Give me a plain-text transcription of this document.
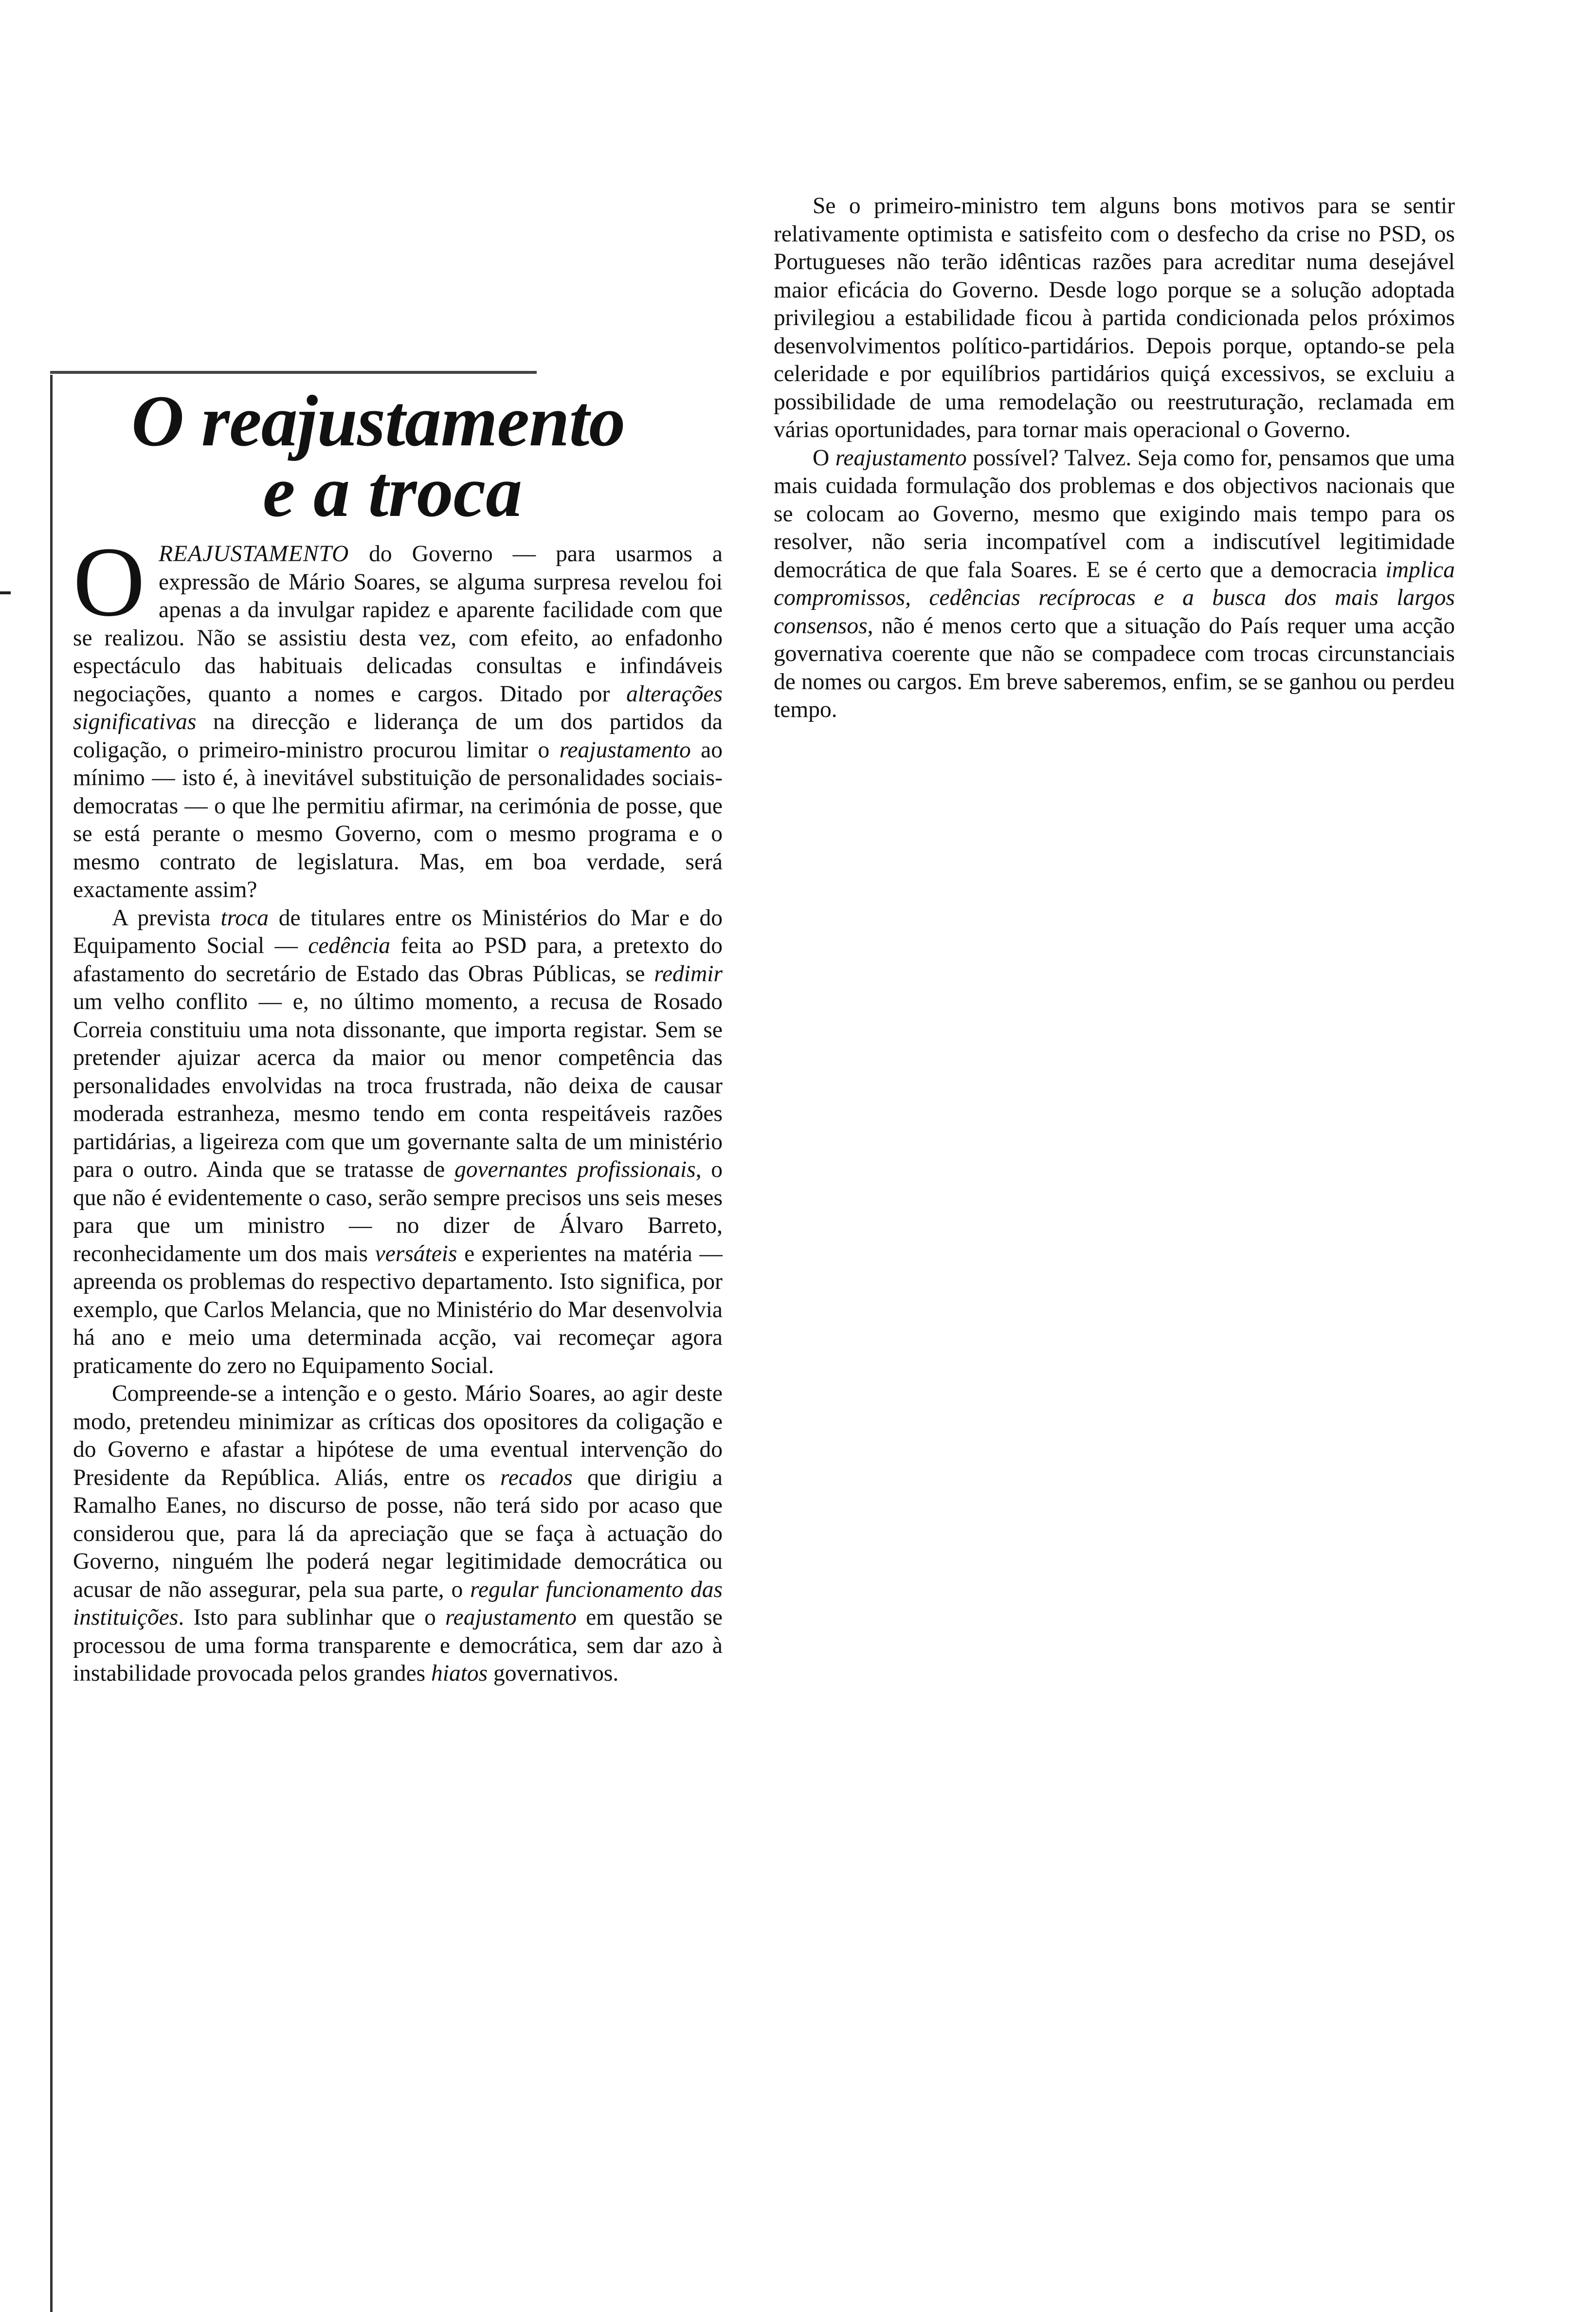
O reajustamento
e a troca

OREAJUSTAMENTO do Governo — para usarmos a expressão de Mário Soares, se alguma surpresa revelou foi apenas a da invulgar rapidez e aparente facilidade com que se realizou. Não se assistiu desta vez, com efeito, ao enfadonho espectáculo das habituais delicadas consultas e infindáveis negociações, quanto a nomes e cargos. Ditado por alterações significativas na direcção e liderança de um dos partidos da coligação, o primeiro-ministro procurou limitar o reajustamento ao mínimo — isto é, à inevitável substituição de personalidades sociais-democratas — o que lhe permitiu afirmar, na cerimónia de posse, que se está perante o mesmo Governo, com o mesmo programa e o mesmo contrato de legislatura. Mas, em boa verdade, será exactamente assim?

A prevista troca de titulares entre os Ministérios do Mar e do Equipamento Social — cedência feita ao PSD para, a pretexto do afastamento do secretário de Estado das Obras Públicas, se redimir um velho conflito — e, no último momento, a recusa de Rosado Correia constituiu uma nota dissonante, que importa registar. Sem se pretender ajuizar acerca da maior ou menor competência das personalidades envolvidas na troca frustrada, não deixa de causar moderada estranheza, mesmo tendo em conta respeitáveis razões partidárias, a ligeireza com que um governante salta de um ministério para o outro. Ainda que se tratasse de governantes profissionais, o que não é evidentemente o caso, serão sempre precisos uns seis meses para que um ministro — no dizer de Álvaro Barreto, reconhecidamente um dos mais versáteis e experientes na matéria — apreenda os problemas do respectivo departamento. Isto significa, por exemplo, que Carlos Melancia, que no Ministério do Mar desenvolvia há ano e meio uma determinada acção, vai recomeçar agora praticamente do zero no Equipamento Social.

Compreende-se a intenção e o gesto. Mário Soares, ao agir deste modo, pretendeu minimizar as críticas dos opositores da coligação e do Governo e afastar a hipótese de uma eventual intervenção do Presidente da República. Aliás, entre os recados que dirigiu a Ramalho Eanes, no discurso de posse, não terá sido por acaso que considerou que, para lá da apreciação que se faça à actuação do Governo, ninguém lhe poderá negar legitimidade democrática ou acusar de não assegurar, pela sua parte, o regular funcionamento das instituições. Isto para sublinhar que o reajustamento em questão se processou de uma forma transparente e democrática, sem dar azo à instabilidade provocada pelos grandes hiatos governativos.

Se o primeiro-ministro tem alguns bons motivos para se sentir relativamente optimista e satisfeito com o desfecho da crise no PSD, os Portugueses não terão idênticas razões para acreditar numa desejável maior eficácia do Governo. Desde logo porque se a solução adoptada privilegiou a estabilidade ficou à partida condicionada pelos próximos desenvolvimentos político-partidários. Depois porque, optando-se pela celeridade e por equilíbrios partidários quiçá excessivos, se excluiu a possibilidade de uma remodelação ou reestruturação, reclamada em várias oportunidades, para tornar mais operacional o Governo.

O reajustamento possível? Talvez. Seja como for, pensamos que uma mais cuidada formulação dos problemas e dos objectivos nacionais que se colocam ao Governo, mesmo que exigindo mais tempo para os resolver, não seria incompatível com a indiscutível legitimidade democrática de que fala Soares. E se é certo que a democracia implica compromissos, cedências recíprocas e a busca dos mais largos consensos, não é menos certo que a situação do País requer uma acção governativa coerente que não se compadece com trocas circunstanciais de nomes ou cargos. Em breve saberemos, enfim, se se ganhou ou perdeu tempo.
